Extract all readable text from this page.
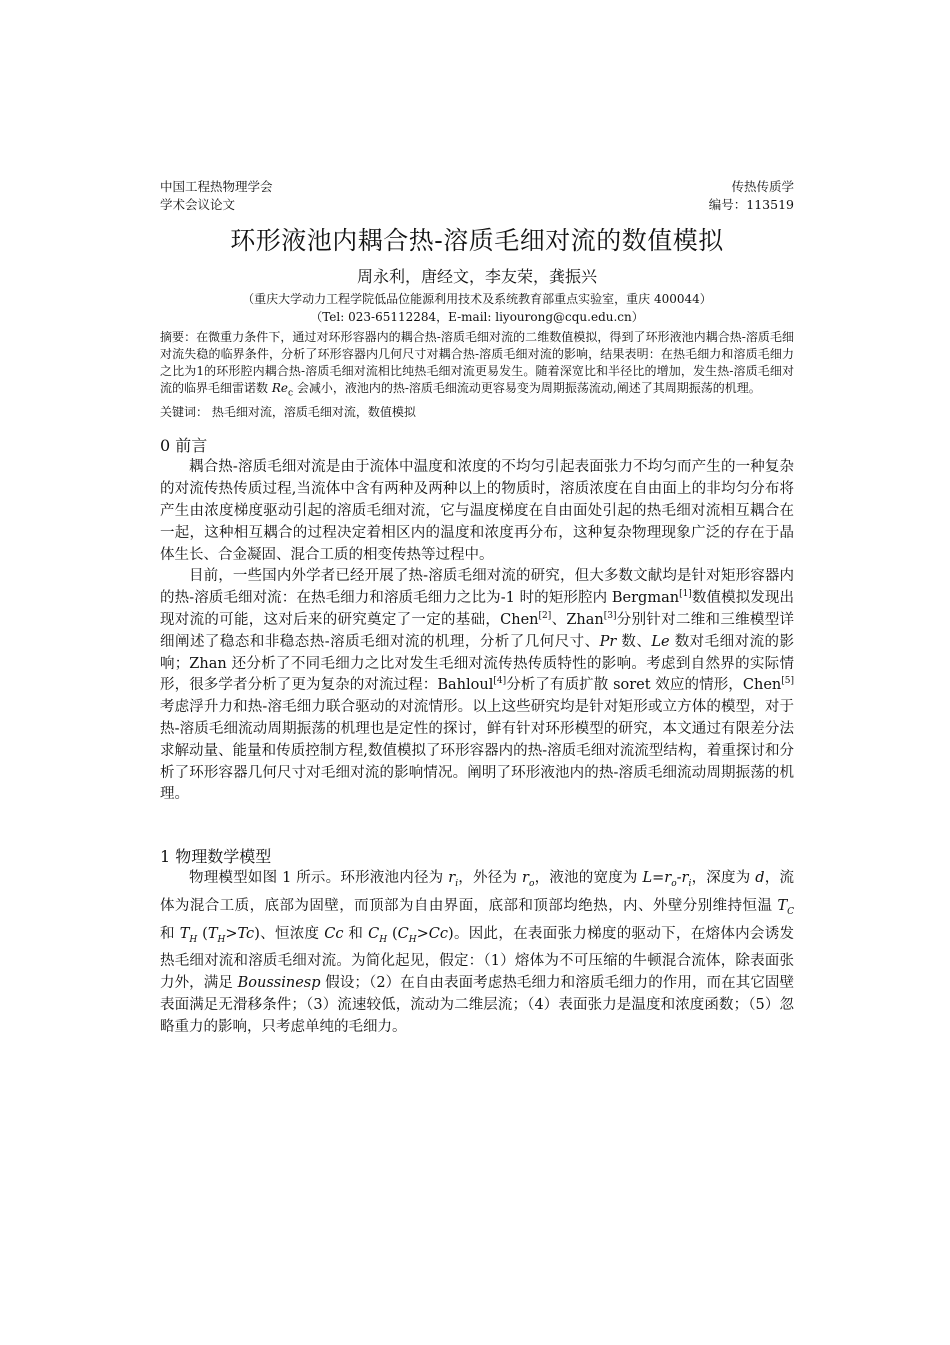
中国工程热物理学会
学术会议论文
传热传质学
编号：113519
环形液池内耦合热-溶质毛细对流的数值模拟
周永利，唐经文，李友荣，龚振兴
（重庆大学动力工程学院低品位能源利用技术及系统教育部重点实验室，重庆 400044）
（Tel: 023-65112284，E-mail: liyourong@cqu.edu.cn）
摘要：在微重力条件下，通过对环形容器内的耦合热-溶质毛细对流的二维数值模拟，得到了环形液池内耦合热-溶质毛细对流失稳的临界条件，分析了环形容器内几何尺寸对耦合热-溶质毛细对流的影响，结果表明：在热毛细力和溶质毛细力之比为1的环形腔内耦合热-溶质毛细对流相比纯热毛细对流更易发生。随着深宽比和半径比的增加，发生热-溶质毛细对流的临界毛细雷诺数 $Re_c$ 会减小，液池内的热-溶质毛细流动更容易变为周期振荡流动,阐述了其周期振荡的机理。
关键词： 热毛细对流，溶质毛细对流，数值模拟
0 前言

耦合热-溶质毛细对流是由于流体中温度和浓度的不均匀引起表面张力不均匀而产生的一种复杂的对流传热传质过程,当流体中含有两种及两种以上的物质时，溶质浓度在自由面上的非均匀分布将产生由浓度梯度驱动引起的溶质毛细对流，它与温度梯度在自由面处引起的热毛细对流相互耦合在一起，这种相互耦合的过程决定着相区内的温度和浓度再分布，这种复杂物理现象广泛的存在于晶体生长、合金凝固、混合工质的相变传热等过程中。

目前，一些国内外学者已经开展了热-溶质毛细对流的研究，但大多数文献均是针对矩形容器内的热-溶质毛细对流：在热毛细力和溶质毛细力之比为-1 时的矩形腔内 Bergman[1]数值模拟发现出现对流的可能，这对后来的研究奠定了一定的基础，Chen[2]、Zhan[3]分别针对二维和三维模型详细阐述了稳态和非稳态热-溶质毛细对流的机理，分析了几何尺寸、Pr 数、Le 数对毛细对流的影响；Zhan 还分析了不同毛细力之比对发生毛细对流传热传质特性的影响。考虑到自然界的实际情形，很多学者分析了更为复杂的对流过程：Bahloul[4]分析了有质扩散 soret 效应的情形，Chen[5]考虑浮升力和热-溶毛细力联合驱动的对流情形。以上这些研究均是针对矩形或立方体的模型，对于热-溶质毛细流动周期振荡的机理也是定性的探讨，鲜有针对环形模型的研究，本文通过有限差分法求解动量、能量和传质控制方程,数值模拟了环形容器内的热-溶质毛细对流流型结构，着重探讨和分析了环形容器几何尺寸对毛细对流的影响情况。阐明了环形液池内的热-溶质毛细流动周期振荡的机理。

1 物理数学模型

物理模型如图 1 所示。环形液池内径为 $r_i$，外径为 $r_o$，液池的宽度为 $L=r_o-r_i$，深度为 d，流体为混合工质，底部为固壁，而顶部为自由界面，底部和顶部均绝热，内、外壁分别维持恒温 $T_C$ 和 $T_H$ $(T_H>Tc)$、恒浓度 Cc 和 $C_H$ $(C_H>Cc)$。因此，在表面张力梯度的驱动下，在熔体内会诱发热毛细对流和溶质毛细对流。为简化起见，假定：（1）熔体为不可压缩的牛顿混合流体，除表面张力外，满足 Boussinesp 假设；（2）在自由表面考虑热毛细力和溶质毛细力的作用，而在其它固壁表面满足无滑移条件；（3）流速较低，流动为二维层流；（4）表面张力是温度和浓度函数；（5）忽略重力的影响，只考虑单纯的毛细力。
